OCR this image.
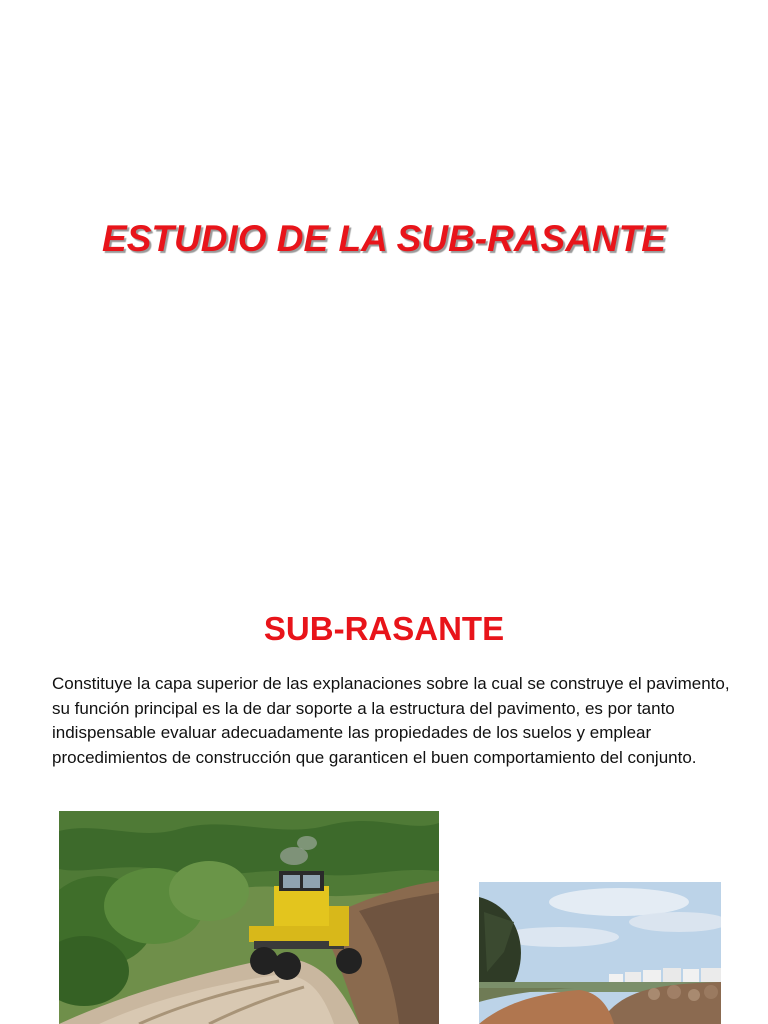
ESTUDIO DE LA SUB-RASANTE
SUB-RASANTE
Constituye la capa superior de las explanaciones sobre la cual se construye el pavimento, su función principal es la de dar soporte a la estructura del pavimento, es por tanto indispensable evaluar adecuadamente las propiedades de los suelos y emplear procedimientos de construcción que garanticen el buen comportamiento del conjunto.
